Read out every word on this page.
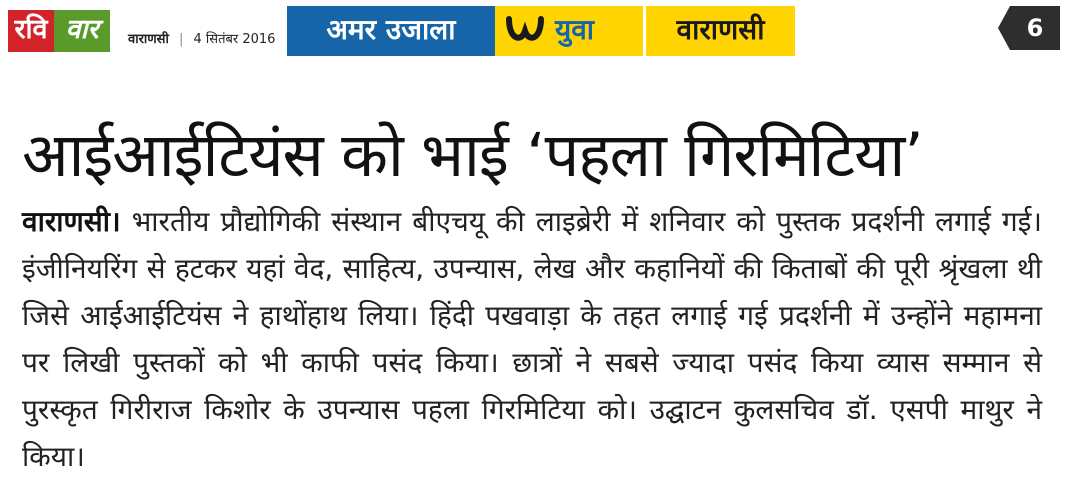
रवि वार	वाराणसी | 4 सितंबर 2016	अमर उजाला	युवा	वाराणसी	6
आईआईटियंस को भाई ‘पहला गिरमिटिया’

वाराणसी। भारतीय प्रौद्योगिकी संस्थान बीएचयू की लाइब्रेरी में शनिवार को पुस्तक प्रदर्शनी लगाई गई। इंजीनियरिंग से हटकर यहां वेद, साहित्य, उपन्यास, लेख और कहानियों की किताबों की पूरी श्रृंखला थी जिसे आईआईटियंस ने हाथोंहाथ लिया। हिंदी पखवाड़ा के तहत लगाई गई प्रदर्शनी में उन्होंने महामना पर लिखी पुस्तकों को भी काफी पसंद किया। छात्रों ने सबसे ज्यादा पसंद किया व्यास सम्मान से पुरस्कृत गिरीराज किशोर के उपन्यास पहला गिरमिटिया को। उद्घाटन कुलसचिव डॉ. एसपी माथुर ने किया।
